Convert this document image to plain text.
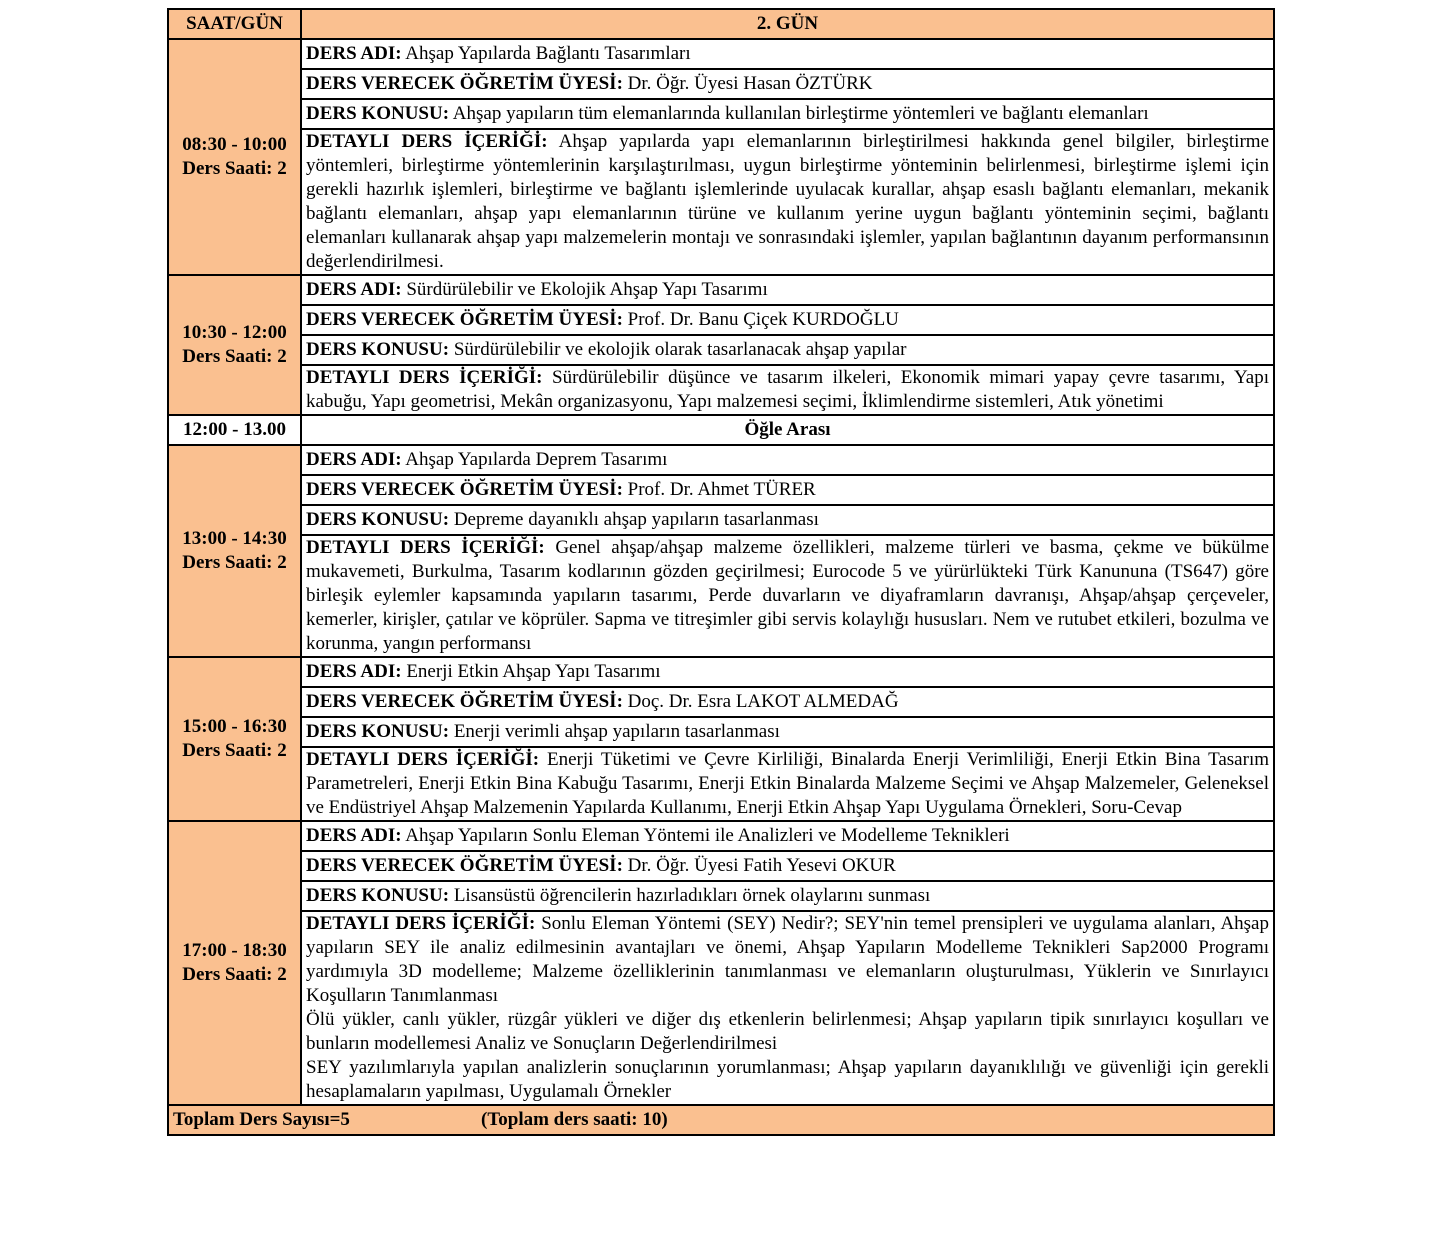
SAAT/GÜN	2. GÜN

08:30 - 10:00
Ders Saati: 2	DERS ADI: Ahşap Yapılarda Bağlantı Tasarımları
	DERS VERECEK ÖĞRETİM ÜYESİ: Dr. Öğr. Üyesi Hasan ÖZTÜRK
	DERS KONUSU: Ahşap yapıların tüm elemanlarında kullanılan birleştirme yöntemleri ve bağlantı elemanları
	DETAYLI DERS İÇERİĞİ: Ahşap yapılarda yapı elemanlarının birleştirilmesi hakkında genel bilgiler, birleştirme yöntemleri, birleştirme yöntemlerinin karşılaştırılması, uygun birleştirme yönteminin belirlenmesi, birleştirme işlemi için gerekli hazırlık işlemleri, birleştirme ve bağlantı işlemlerinde uyulacak kurallar, ahşap esaslı bağlantı elemanları, mekanik bağlantı elemanları, ahşap yapı elemanlarının türüne ve kullanım yerine uygun bağlantı yönteminin seçimi, bağlantı elemanları kullanarak ahşap yapı malzemelerin montajı ve sonrasındaki işlemler, yapılan bağlantının dayanım performansının değerlendirilmesi.

10:30 - 12:00
Ders Saati: 2	DERS ADI: Sürdürülebilir ve Ekolojik Ahşap Yapı Tasarımı
	DERS VERECEK ÖĞRETİM ÜYESİ: Prof. Dr. Banu Çiçek KURDOĞLU
	DERS KONUSU: Sürdürülebilir ve ekolojik olarak tasarlanacak ahşap yapılar
	DETAYLI DERS İÇERİĞİ: Sürdürülebilir düşünce ve tasarım ilkeleri, Ekonomik mimari yapay çevre tasarımı, Yapı kabuğu, Yapı geometrisi, Mekân organizasyonu, Yapı malzemesi seçimi, İklimlendirme sistemleri, Atık yönetimi
12:00 - 13.00	Öğle Arası

13:00 - 14:30
Ders Saati: 2	DERS ADI: Ahşap Yapılarda Deprem Tasarımı
	DERS VERECEK ÖĞRETİM ÜYESİ: Prof. Dr. Ahmet TÜRER
	DERS KONUSU: Depreme dayanıklı ahşap yapıların tasarlanması
	DETAYLI DERS İÇERİĞİ: Genel ahşap/ahşap malzeme özellikleri, malzeme türleri ve basma, çekme ve bükülme mukavemeti, Burkulma, Tasarım kodlarının gözden geçirilmesi; Eurocode 5 ve yürürlükteki Türk Kanununa (TS647) göre birleşik eylemler kapsamında yapıların tasarımı, Perde duvarların ve diyaframların davranışı, Ahşap/ahşap çerçeveler, kemerler, kirişler, çatılar ve köprüler. Sapma ve titreşimler gibi servis kolaylığı hususları. Nem ve rutubet etkileri, bozulma ve korunma, yangın performansı

15:00 - 16:30
Ders Saati: 2	DERS ADI: Enerji Etkin Ahşap Yapı Tasarımı
	DERS VERECEK ÖĞRETİM ÜYESİ: Doç. Dr. Esra LAKOT ALMEDAĞ
	DERS KONUSU: Enerji verimli ahşap yapıların tasarlanması
	DETAYLI DERS İÇERİĞİ: Enerji Tüketimi ve Çevre Kirliliği, Binalarda Enerji Verimliliği, Enerji Etkin Bina Tasarım Parametreleri, Enerji Etkin Bina Kabuğu Tasarımı, Enerji Etkin Binalarda Malzeme Seçimi ve Ahşap Malzemeler, Geleneksel ve Endüstriyel Ahşap Malzemenin Yapılarda Kullanımı, Enerji Etkin Ahşap Yapı Uygulama Örnekleri, Soru-Cevap

17:00 - 18:30
Ders Saati: 2	DERS ADI: Ahşap Yapıların Sonlu Eleman Yöntemi ile Analizleri ve Modelleme Teknikleri
	DERS VERECEK ÖĞRETİM ÜYESİ: Dr. Öğr. Üyesi Fatih Yesevi OKUR
	DERS KONUSU: Lisansüstü öğrencilerin hazırladıkları örnek olaylarını sunması
	DETAYLI DERS İÇERİĞİ: Sonlu Eleman Yöntemi (SEY) Nedir?; SEY'nin temel prensipleri ve uygulama alanları, Ahşap yapıların SEY ile analiz edilmesinin avantajları ve önemi, Ahşap Yapıların Modelleme Teknikleri Sap2000 Programı yardımıyla 3D modelleme; Malzeme özelliklerinin tanımlanması ve elemanların oluşturulması, Yüklerin ve Sınırlayıcı Koşulların Tanımlanması
Ölü yükler, canlı yükler, rüzgâr yükleri ve diğer dış etkenlerin belirlenmesi; Ahşap yapıların tipik sınırlayıcı koşulları ve bunların modellemesi Analiz ve Sonuçların Değerlendirilmesi
SEY yazılımlarıyla yapılan analizlerin sonuçlarının yorumlanması; Ahşap yapıların dayanıklılığı ve güvenliği için gerekli hesaplamaların yapılması, Uygulamalı Örnekler

Toplam Ders Sayısı=5 (Toplam ders saati: 10)	
